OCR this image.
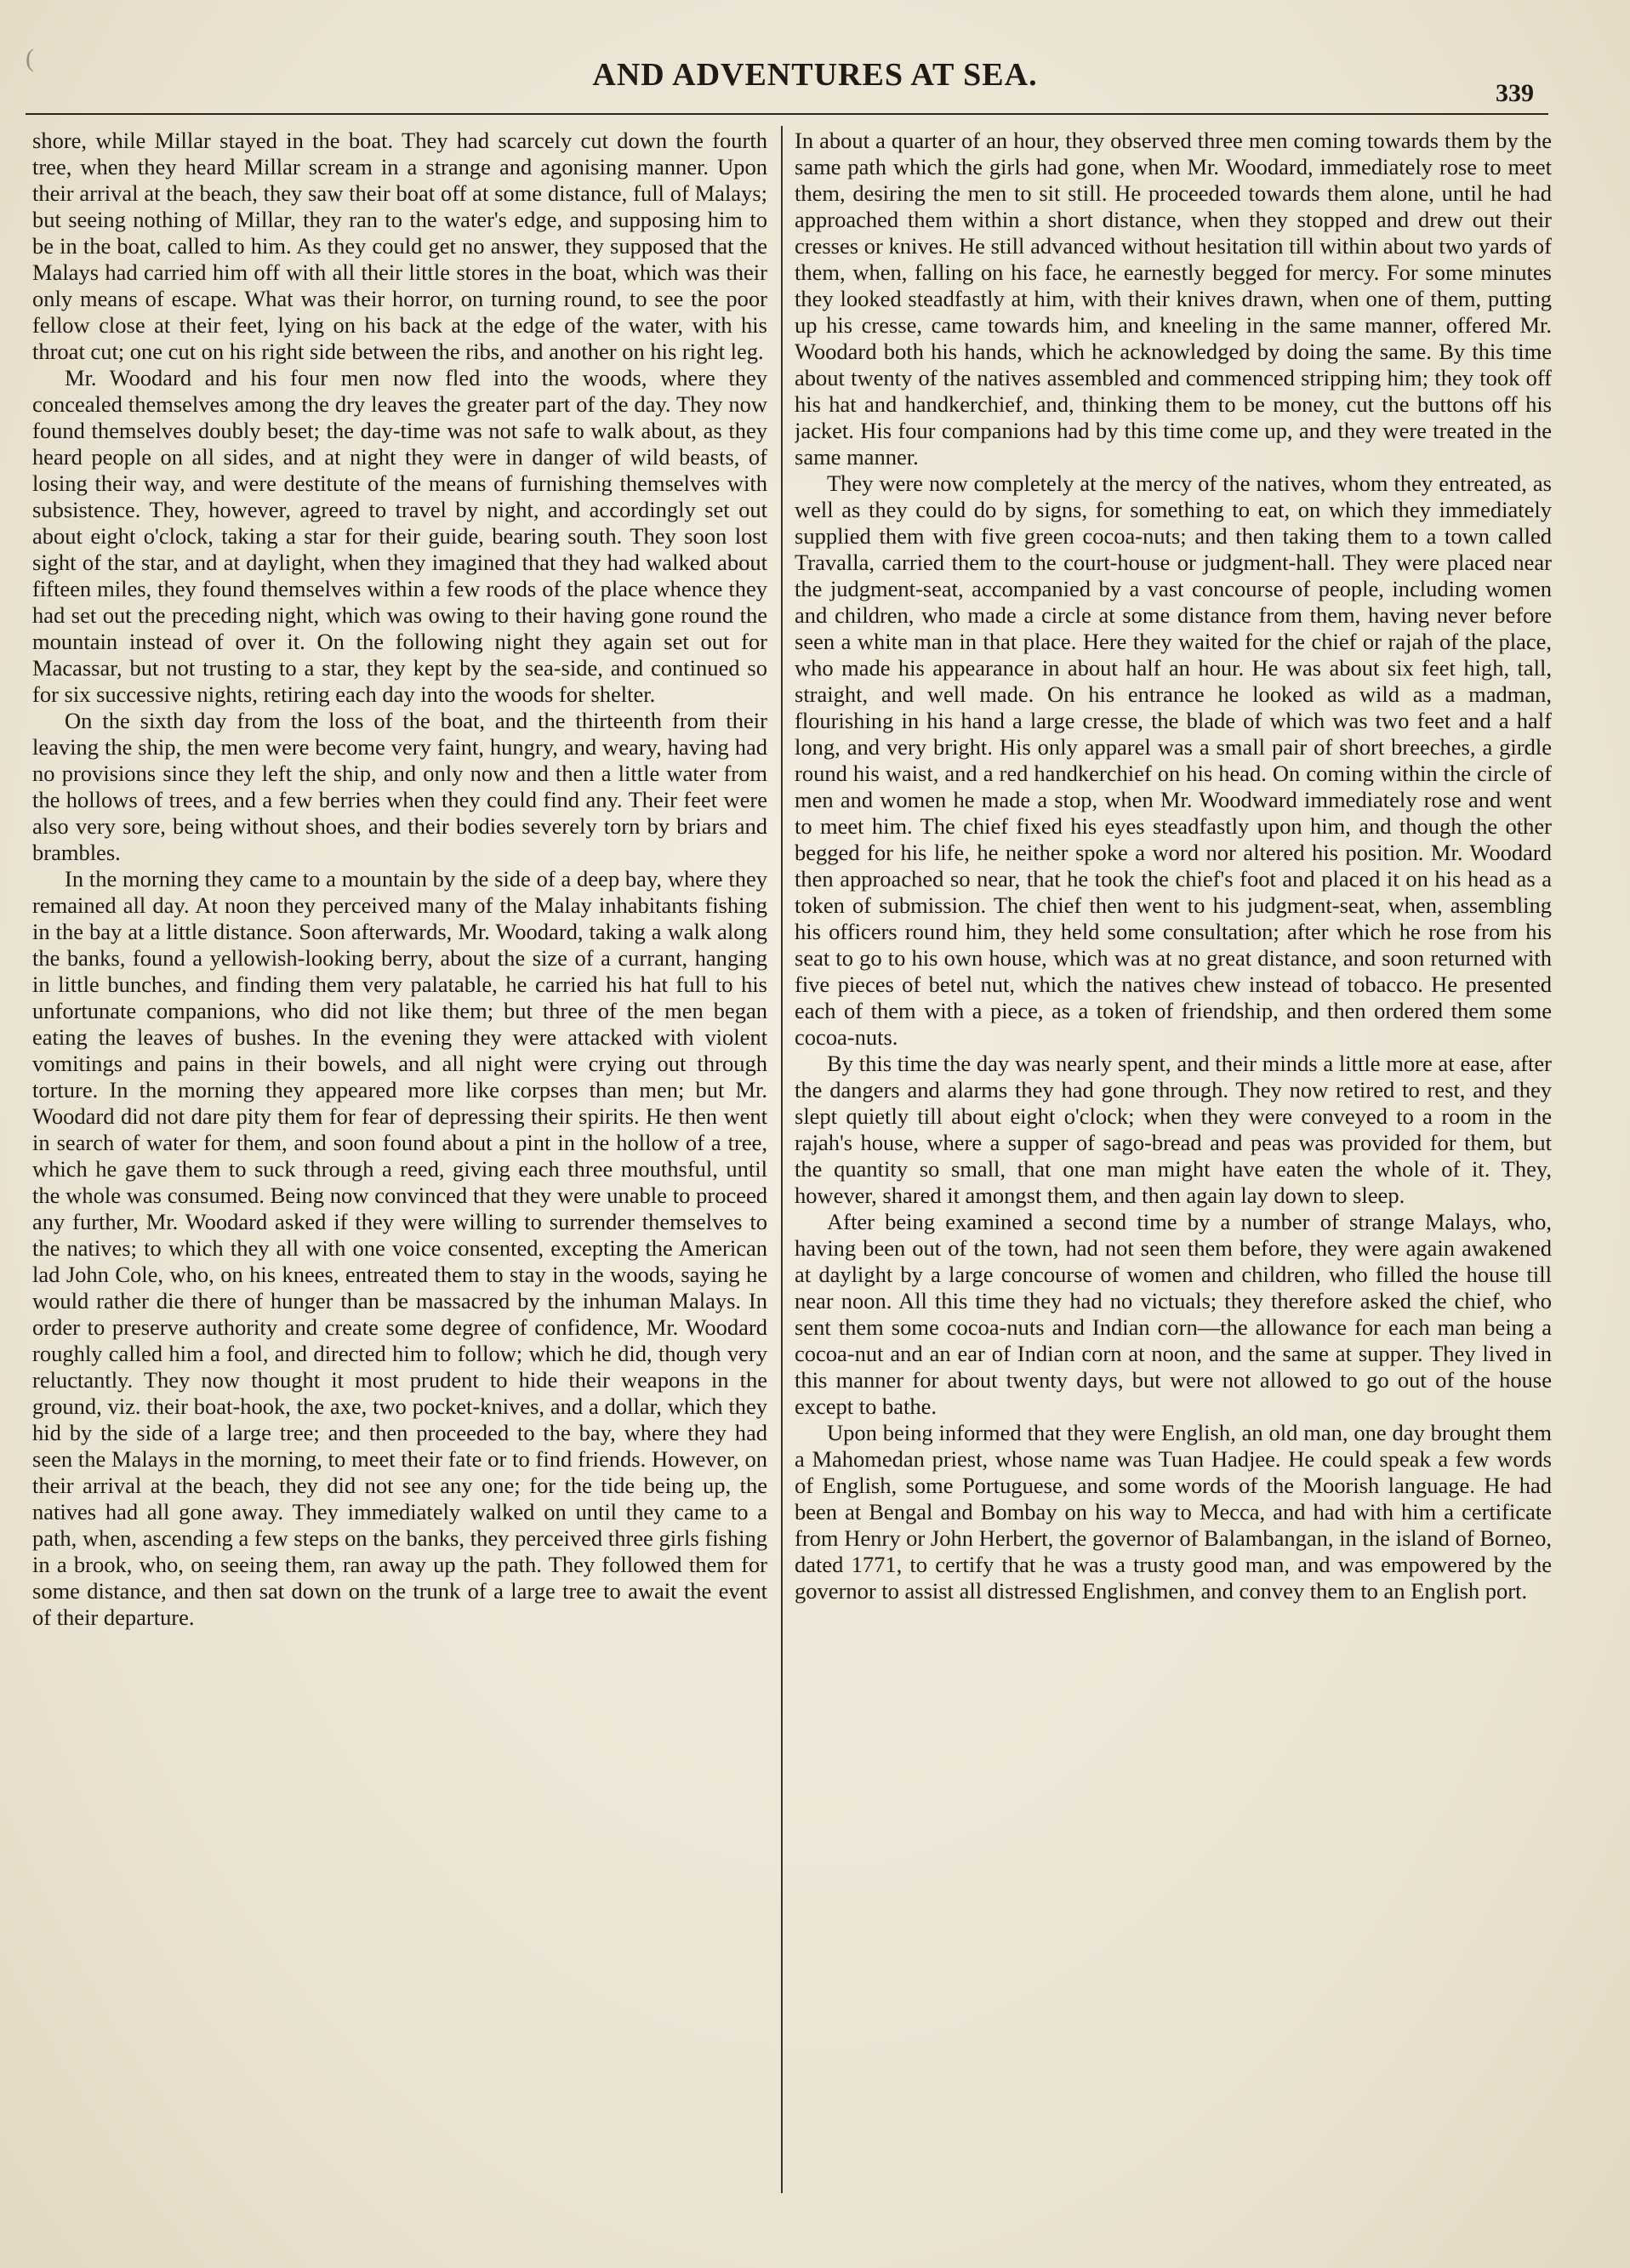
(	AND ADVENTURES AT SEA.
339

shore, while Millar stayed in the boat. They had scarcely cut down the fourth tree, when they heard Millar scream in a strange and agonising manner. Upon their arrival at the beach, they saw their boat off at some distance, full of Malays; but seeing nothing of Millar, they ran to the water's edge, and supposing him to be in the boat, called to him. As they could get no answer, they supposed that the Malays had carried him off with all their little stores in the boat, which was their only means of escape. What was their horror, on turning round, to see the poor fellow close at their feet, lying on his back at the edge of the water, with his throat cut; one cut on his right side between the ribs, and another on his right leg.

Mr. Woodard and his four men now fled into the woods, where they concealed themselves among the dry leaves the greater part of the day. They now found themselves doubly beset; the day-time was not safe to walk about, as they heard people on all sides, and at night they were in danger of wild beasts, of losing their way, and were destitute of the means of furnishing themselves with subsistence. They, however, agreed to travel by night, and accordingly set out about eight o'clock, taking a star for their guide, bearing south. They soon lost sight of the star, and at daylight, when they imagined that they had walked about fifteen miles, they found themselves within a few roods of the place whence they had set out the preceding night, which was owing to their having gone round the mountain instead of over it. On the following night they again set out for Macassar, but not trusting to a star, they kept by the sea-side, and continued so for six successive nights, retiring each day into the woods for shelter.

On the sixth day from the loss of the boat, and the thirteenth from their leaving the ship, the men were become very faint, hungry, and weary, having had no provisions since they left the ship, and only now and then a little water from the hollows of trees, and a few berries when they could find any. Their feet were also very sore, being without shoes, and their bodies severely torn by briars and brambles.

In the morning they came to a mountain by the side of a deep bay, where they remained all day. At noon they perceived many of the Malay inhabitants fishing in the bay at a little distance. Soon afterwards, Mr. Woodard, taking a walk along the banks, found a yellowish-looking berry, about the size of a currant, hanging in little bunches, and finding them very palatable, he carried his hat full to his unfortunate companions, who did not like them; but three of the men began eating the leaves of bushes. In the evening they were attacked with violent vomitings and pains in their bowels, and all night were crying out through torture. In the morning they appeared more like corpses than men; but Mr. Woodard did not dare pity them for fear of depressing their spirits. He then went in search of water for them, and soon found about a pint in the hollow of a tree, which he gave them to suck through a reed, giving each three mouthsful, until the whole was consumed. Being now convinced that they were unable to proceed any further, Mr. Woodard asked if they were willing to surrender themselves to the natives; to which they all with one voice consented, excepting the American lad John Cole, who, on his knees, entreated them to stay in the woods, saying he would rather die there of hunger than be massacred by the inhuman Malays. In order to preserve authority and create some degree of confidence, Mr. Woodard roughly called him a fool, and directed him to follow; which he did, though very reluctantly. They now thought it most prudent to hide their weapons in the ground, viz. their boat-hook, the axe, two pocket-knives, and a dollar, which they hid by the side of a large tree; and then proceeded to the bay, where they had seen the Malays in the morning, to meet their fate or to find friends. However, on their arrival at the beach, they did not see any one; for the tide being up, the natives had all gone away. They immediately walked on until they came to a path, when, ascending a few steps on the banks, they perceived three girls fishing in a brook, who, on seeing them, ran away up the path. They followed them for some distance, and then sat down on the trunk of a large tree to await the event of their departure.

In about a quarter of an hour, they observed three men coming towards them by the same path which the girls had gone, when Mr. Woodard, immediately rose to meet them, desiring the men to sit still. He proceeded towards them alone, until he had approached them within a short distance, when they stopped and drew out their cresses or knives. He still advanced without hesitation till within about two yards of them, when, falling on his face, he earnestly begged for mercy. For some minutes they looked steadfastly at him, with their knives drawn, when one of them, putting up his cresse, came towards him, and kneeling in the same manner, offered Mr. Woodard both his hands, which he acknowledged by doing the same. By this time about twenty of the natives assembled and commenced stripping him; they took off his hat and handkerchief, and, thinking them to be money, cut the buttons off his jacket. His four companions had by this time come up, and they were treated in the same manner.

They were now completely at the mercy of the natives, whom they entreated, as well as they could do by signs, for something to eat, on which they immediately supplied them with five green cocoa-nuts; and then taking them to a town called Travalla, carried them to the court-house or judgment-hall. They were placed near the judgment-seat, accompanied by a vast concourse of people, including women and children, who made a circle at some distance from them, having never before seen a white man in that place. Here they waited for the chief or rajah of the place, who made his appearance in about half an hour. He was about six feet high, tall, straight, and well made. On his entrance he looked as wild as a madman, flourishing in his hand a large cresse, the blade of which was two feet and a half long, and very bright. His only apparel was a small pair of short breeches, a girdle round his waist, and a red handkerchief on his head. On coming within the circle of men and women he made a stop, when Mr. Woodward immediately rose and went to meet him. The chief fixed his eyes steadfastly upon him, and though the other begged for his life, he neither spoke a word nor altered his position. Mr. Woodard then approached so near, that he took the chief's foot and placed it on his head as a token of submission. The chief then went to his judgment-seat, when, assembling his officers round him, they held some consultation; after which he rose from his seat to go to his own house, which was at no great distance, and soon returned with five pieces of betel nut, which the natives chew instead of tobacco. He presented each of them with a piece, as a token of friendship, and then ordered them some cocoa-nuts.

By this time the day was nearly spent, and their minds a little more at ease, after the dangers and alarms they had gone through. They now retired to rest, and they slept quietly till about eight o'clock; when they were conveyed to a room in the rajah's house, where a supper of sago-bread and peas was provided for them, but the quantity so small, that one man might have eaten the whole of it. They, however, shared it amongst them, and then again lay down to sleep.

After being examined a second time by a number of strange Malays, who, having been out of the town, had not seen them before, they were again awakened at daylight by a large concourse of women and children, who filled the house till near noon. All this time they had no victuals; they therefore asked the chief, who sent them some cocoa-nuts and Indian corn—the allowance for each man being a cocoa-nut and an ear of Indian corn at noon, and the same at supper. They lived in this manner for about twenty days, but were not allowed to go out of the house except to bathe.

Upon being informed that they were English, an old man, one day brought them a Mahomedan priest, whose name was Tuan Hadjee. He could speak a few words of English, some Portuguese, and some words of the Moorish language. He had been at Bengal and Bombay on his way to Mecca, and had with him a certificate from Henry or John Herbert, the governor of Balambangan, in the island of Borneo, dated 1771, to certify that he was a trusty good man, and was empowered by the governor to assist all distressed Englishmen, and convey them to an English port.
